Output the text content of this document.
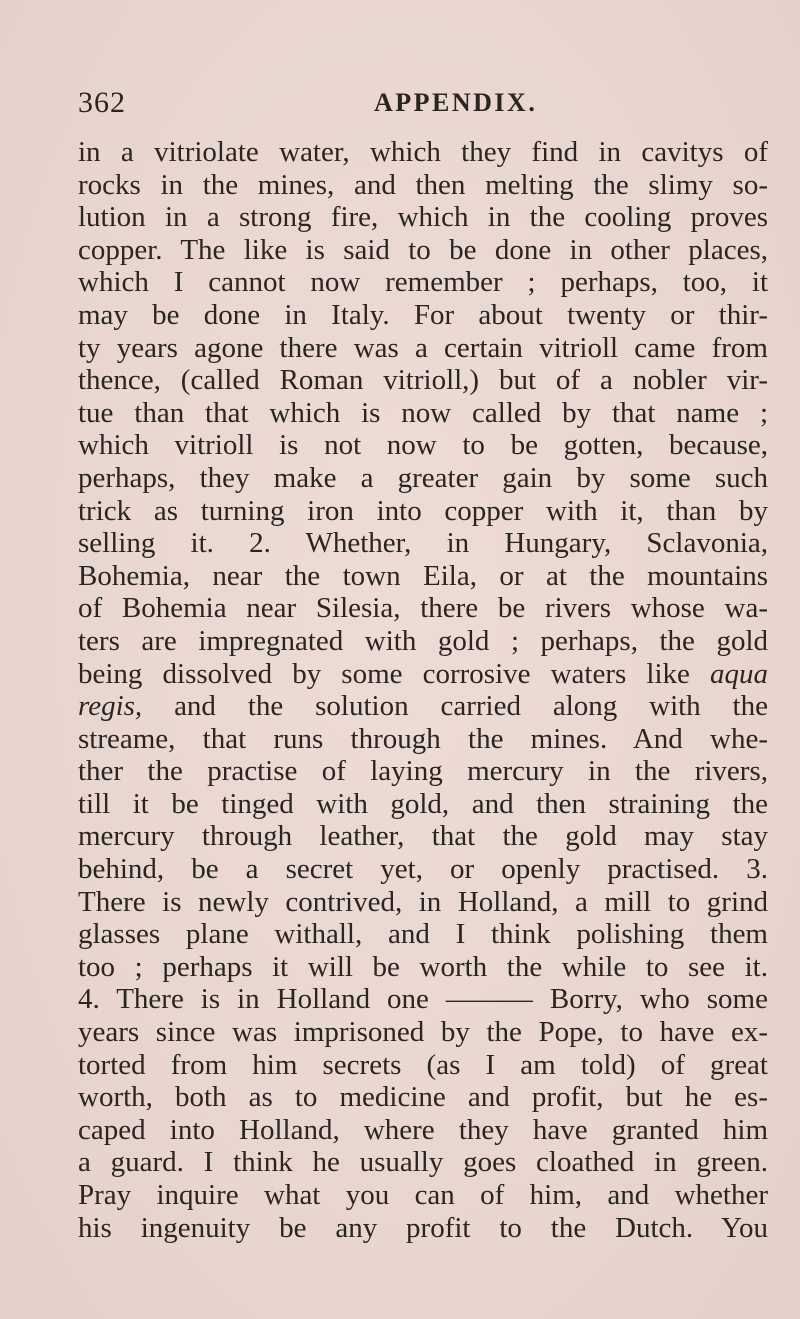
362	APPENDIX.
in a vitriolate water, which they find in cavitys of
rocks in the mines, and then melting the slimy so-
lution in a strong fire, which in the cooling proves
copper. The like is said to be done in other places,
which I cannot now remember ; perhaps, too, it
may be done in Italy. For about twenty or thir-
ty years agone there was a certain vitrioll came from
thence, (called Roman vitrioll,) but of a nobler vir-
tue than that which is now called by that name ;
which vitrioll is not now to be gotten, because,
perhaps, they make a greater gain by some such
trick as turning iron into copper with it, than by
selling it. 2. Whether, in Hungary, Sclavonia,
Bohemia, near the town Eila, or at the mountains
of Bohemia near Silesia, there be rivers whose wa-
ters are impregnated with gold ; perhaps, the gold
being dissolved by some corrosive waters like aqua
regis, and the solution carried along with the
streame, that runs through the mines. And whe-
ther the practise of laying mercury in the rivers,
till it be tinged with gold, and then straining the
mercury through leather, that the gold may stay
behind, be a secret yet, or openly practised. 3.
There is newly contrived, in Holland, a mill to grind
glasses plane withall, and I think polishing them
too ; perhaps it will be worth the while to see it.
4. There is in Holland one ——— Borry, who some
years since was imprisoned by the Pope, to have ex-
torted from him secrets (as I am told) of great
worth, both as to medicine and profit, but he es-
caped into Holland, where they have granted him
a guard. I think he usually goes cloathed in green.
Pray inquire what you can of him, and whether
his ingenuity be any profit to the Dutch. You
